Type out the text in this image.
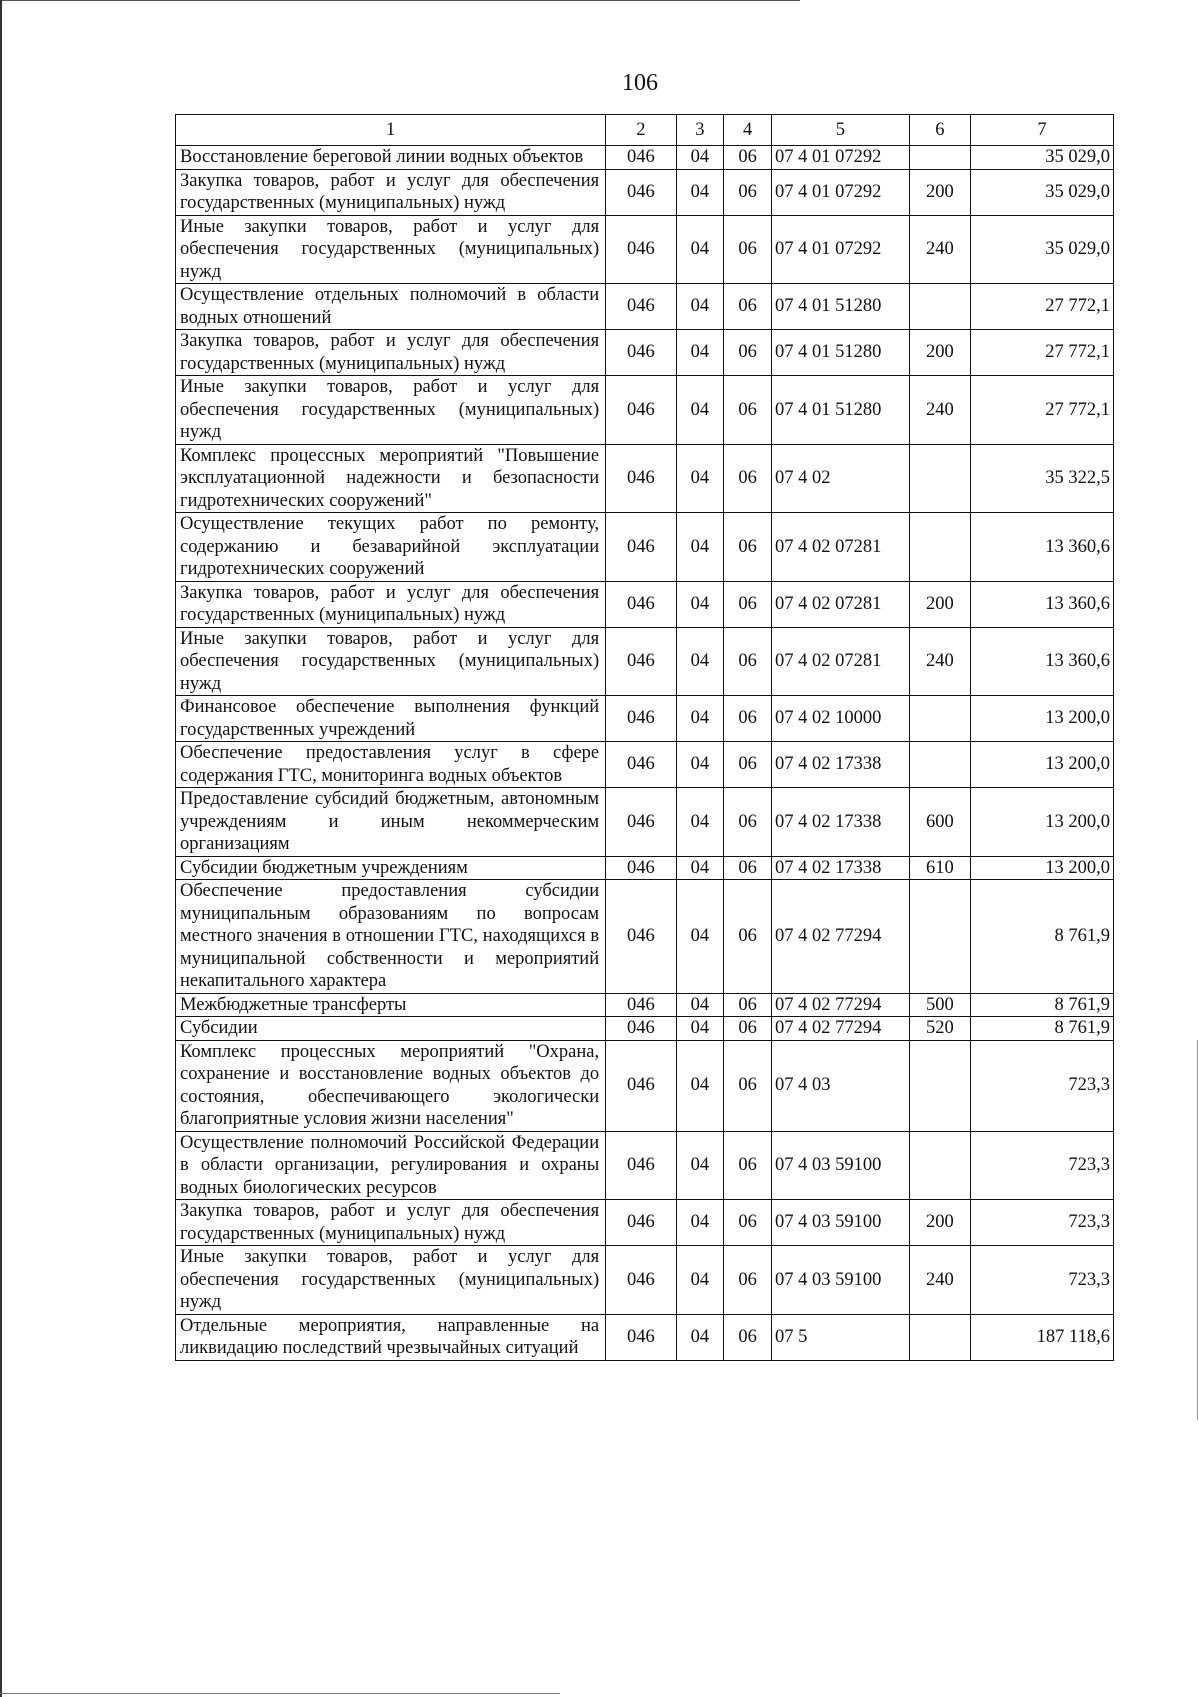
106
1	2	3	4	5	6	7
Восстановление береговой линии водных объектов	046	04	06	07 4 01 07292		35 029,0
Закупка товаров, работ и услуг для обеспечения государственных (муниципальных) нужд	046	04	06	07 4 01 07292	200	35 029,0
Иные закупки товаров, работ и услуг для обеспечения государственных (муниципальных) нужд	046	04	06	07 4 01 07292	240	35 029,0
Осуществление отдельных полномочий в области водных отношений	046	04	06	07 4 01 51280		27 772,1
Закупка товаров, работ и услуг для обеспечения государственных (муниципальных) нужд	046	04	06	07 4 01 51280	200	27 772,1
Иные закупки товаров, работ и услуг для обеспечения государственных (муниципальных) нужд	046	04	06	07 4 01 51280	240	27 772,1
Комплекс процессных мероприятий "Повышение эксплуатационной надежности и безопасности гидротехнических сооружений"	046	04	06	07 4 02		35 322,5
Осуществление текущих работ по ремонту, содержанию и безаварийной эксплуатации гидротехнических сооружений	046	04	06	07 4 02 07281		13 360,6
Закупка товаров, работ и услуг для обеспечения государственных (муниципальных) нужд	046	04	06	07 4 02 07281	200	13 360,6
Иные закупки товаров, работ и услуг для обеспечения государственных (муниципальных) нужд	046	04	06	07 4 02 07281	240	13 360,6
Финансовое обеспечение выполнения функций государственных учреждений	046	04	06	07 4 02 10000		13 200,0
Обеспечение предоставления услуг в сфере содержания ГТС, мониторинга водных объектов	046	04	06	07 4 02 17338		13 200,0
Предоставление субсидий бюджетным, автономным учреждениям и иным некоммерческим организациям	046	04	06	07 4 02 17338	600	13 200,0
Субсидии бюджетным учреждениям	046	04	06	07 4 02 17338	610	13 200,0
Обеспечение предоставления субсидии муниципальным образованиям по вопросам местного значения в отношении ГТС, находящихся в муниципальной собственности и мероприятий некапитального характера	046	04	06	07 4 02 77294		8 761,9
Межбюджетные трансферты	046	04	06	07 4 02 77294	500	8 761,9
Субсидии	046	04	06	07 4 02 77294	520	8 761,9
Комплекс процессных мероприятий "Охрана, сохранение и восстановление водных объектов до состояния, обеспечивающего экологически благоприятные условия жизни населения"	046	04	06	07 4 03		723,3
Осуществление полномочий Российской Федерации в области организации, регулирования и охраны водных биологических ресурсов	046	04	06	07 4 03 59100		723,3
Закупка товаров, работ и услуг для обеспечения государственных (муниципальных) нужд	046	04	06	07 4 03 59100	200	723,3
Иные закупки товаров, работ и услуг для обеспечения государственных (муниципальных) нужд	046	04	06	07 4 03 59100	240	723,3
Отдельные мероприятия, направленные на ликвидацию последствий чрезвычайных ситуаций	046	04	06	07 5		187 118,6
